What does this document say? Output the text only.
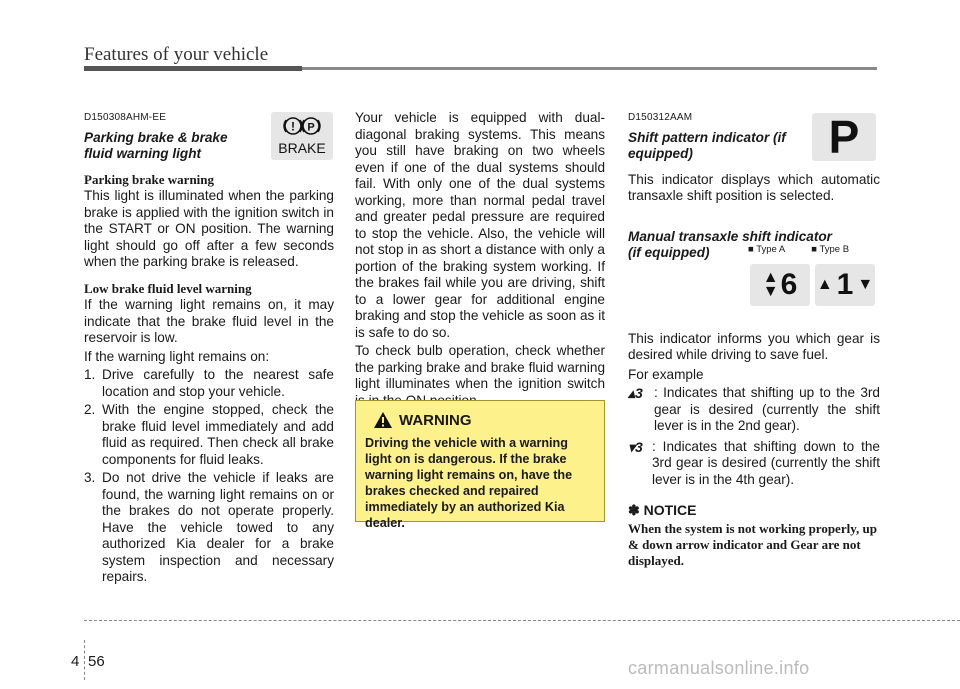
Features of your vehicle
D150308AHM-EE
Parking brake & brake fluid warning light
Parking brake warning

This light is illuminated when the parking brake is applied with the ignition switch in the START or ON position. The warning light should go off after a few seconds when the parking brake is released.

Low brake fluid level warning

If the warning light remains on, it may indicate that the brake fluid level in the reservoir is low.

If the warning light remains on:

1. Drive carefully to the nearest safe location and stop your vehicle.
2. With the engine stopped, check the brake fluid level immediately and add fluid as required. Then check all brake components for fluid leaks.
3. Do not drive the vehicle if leaks are found, the warning light remains on or the brakes do not operate properly. Have the vehicle towed to any authorized Kia dealer for a brake system inspection and necessary repairs.
! P
BRAKE

Your vehicle is equipped with dual-diagonal braking systems. This means you still have braking on two wheels even if one of the dual systems should fail. With only one of the dual systems working, more than normal pedal travel and greater pedal pressure are required to stop the vehicle. Also, the vehicle will not stop in as short a distance with only a portion of the braking system working. If the brakes fail while you are driving, shift to a lower gear for additional engine braking and stop the vehicle as soon as it is safe to do so.

To check bulb operation, check whether the parking brake and brake fluid warning light illuminates when the ignition switch

WARNING
Driving the vehicle with a warning light on is dangerous. If the brake warning light remains on, have the brakes checked and repaired immediately by an authorized Kia dealer.
D150312AAM
Shift pattern indicator (if equipped)

This indicator displays which automatic transaxle shift position is selected.

Manual transaxle shift indicator (if equipped)

This indicator informs you which gear is desired while driving to save fuel.

For example

▴3 : Indicates that shifting up to the 3rd gear is desired (currently the shift lever is in the 2nd gear).
▾3 : Indicates that shifting down to the 3rd gear is desired (currently the shift lever is in the 4th gear).
✽ NOTICE
When the system is not working properly, up & down arrow indicator and Gear are not displayed.
P
■ Type A	■ Type B
▲
▼ 6 ▲ 1 ▼
4 56	carmanualsonline.info
